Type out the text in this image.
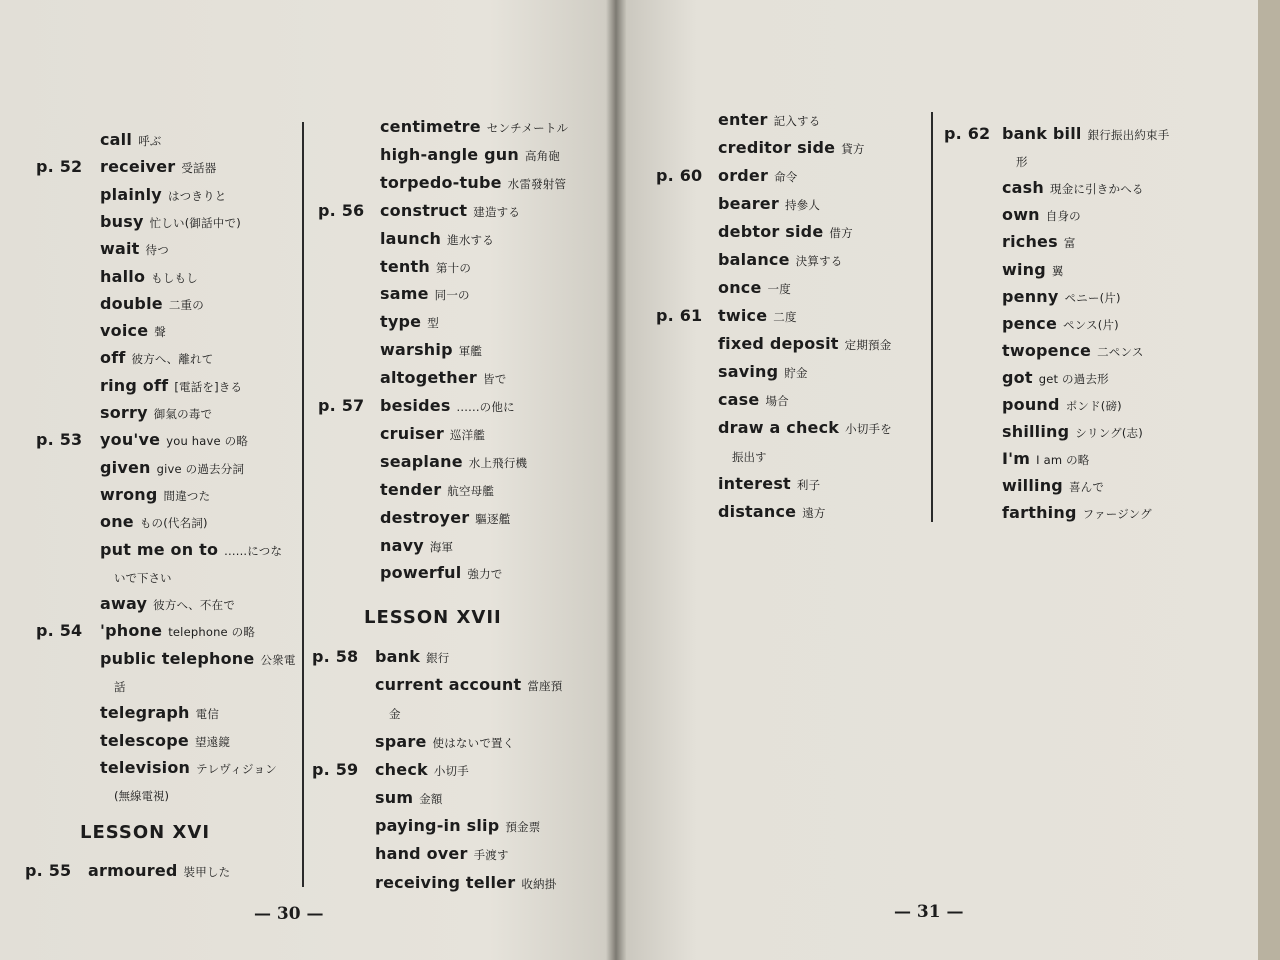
call 呼ぶ
p. 52 receiver 受話器
plainly はつきりと
busy 忙しい(御話中で)
wait 待つ
hallo もしもし
double 二重の
voice 聲
off 彼方へ、離れて
ring off [電話を]きる
sorry 御氣の毒で
p. 53 you've you have の略
given give の過去分詞
wrong 間違つた
one もの(代名詞)
put me on to ......につな
いで下さい
away 彼方へ、不在で
p. 54 'phone telephone の略
public telephone 公衆電
話
telegraph 電信
telescope 望遠鏡
television テレヴィジョン
(無線電視)
LESSON XVI
p. 55 armoured 裝甲した
centimetre センチメートル
high-angle gun 高角砲
torpedo-tube 水雷發射管
p. 56 construct 建造する
launch 進水する
tenth 第十の
same 同一の
type 型
warship 軍艦
altogether 皆で
p. 57 besides ......の他に
cruiser 巡洋艦
seaplane 水上飛行機
tender 航空母艦
destroyer 驅逐艦
navy 海軍
powerful 強力で
LESSON XVII
p. 58 bank 銀行
current account 當座預
金
spare 使はないで置く
p. 59 check 小切手
sum 金額
paying-in slip 預金票
hand over 手渡す
receiving teller 收納掛
— 30 —
enter 記入する
creditor side 貸方
p. 60 order 命令
bearer 持參人
debtor side 借方
balance 決算する
once 一度
p. 61 twice 二度
fixed deposit 定期預金
saving 貯金
case 場合
draw a check 小切手を
振出す
interest 利子
distance 遠方
p. 62 bank bill 銀行振出約束手
形
cash 現金に引きかへる
own 自身の
riches 富
wing 翼
penny ペニー(片)
pence ペンス(片)
twopence 二ペンス
got get の過去形
pound ポンド(磅)
shilling シリング(志)
I'm I am の略
willing 喜んで
farthing ファージング
— 31 —
